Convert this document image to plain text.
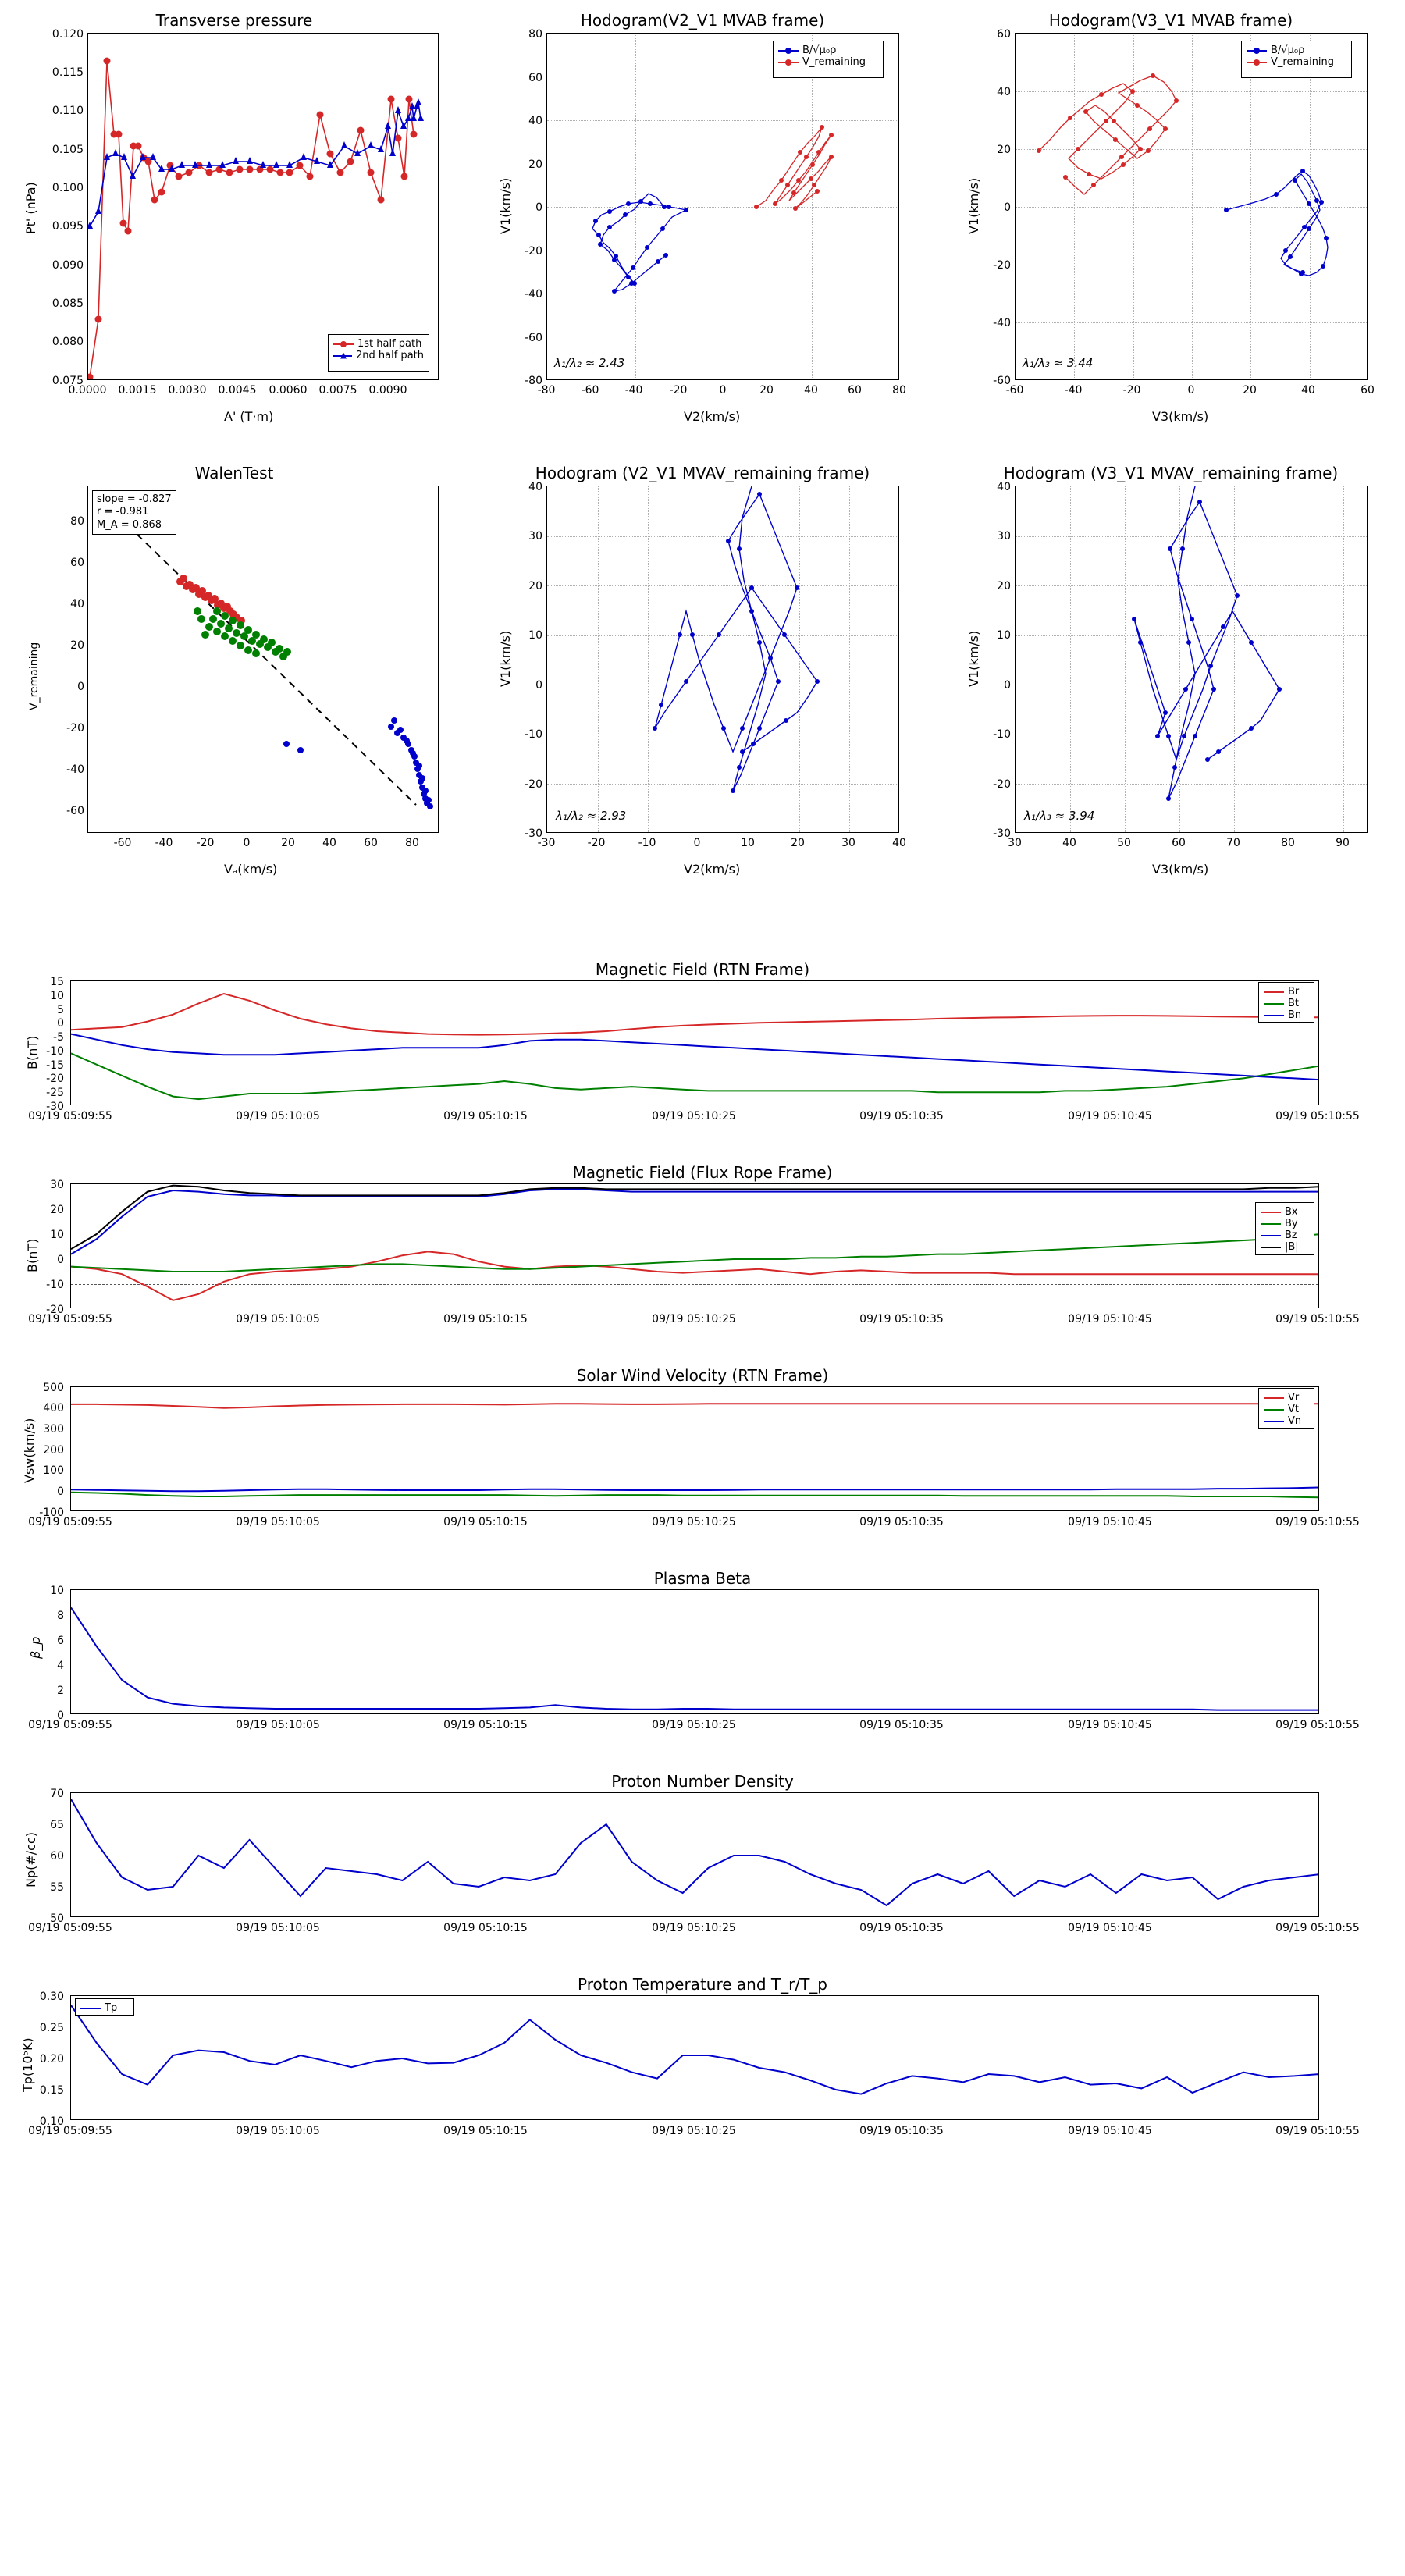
Transverse pressure
Pt' (nPa)
A' (T·m)
0.075
0.080
0.085
0.090
0.095
0.100
0.105
0.110
0.115
0.120
0.0000	0.0015	0.0030	0.0045	0.0060	0.0075	0.0090
1st half path
2nd half path
Hodogram(V2_V1 MVAB frame)
V1(km/s)
V2(km/s)
λ₁/λ₂ ≈ 2.43
-80
-60
-40
-20
0
20
40
60
80
-80	-60	-40	-20	0	20	40	60	80
B/√μ₀ρ
V_remaining
Hodogram(V3_V1 MVAB frame)
V1(km/s)
V3(km/s)
λ₁/λ₃ ≈ 3.44
-60
-40
-20
0
20
40
60
-60	-40	-20	0	20	40	60
B/√μ₀ρ
V_remaining
WalenTest
V_remaining
Vₐ(km/s)
slope = -0.827
r = -0.981
M_A = 0.868
-60
-40
-20
0
20
40
60
80
-60	-40	-20	0	20	40	60	80
Hodogram (V2_V1 MVAV_remaining frame)
V1(km/s)
V2(km/s)
λ₁/λ₂ ≈ 2.93
-30
-20
-10
0
10
20
30
40
-30	-20	-10	0	10	20	30	40
Hodogram (V3_V1 MVAV_remaining frame)
V1(km/s)
V3(km/s)
λ₁/λ₃ ≈ 3.94
-30
-20
-10
0
10
20
30
40
30	40	50	60	70	80	90
Magnetic Field (RTN Frame)
B(nT)
-30
-25
-20
-15
-10
-5
0
5
10
15
09/19 05:09:55	09/19 05:10:05	09/19 05:10:15	09/19 05:10:25	09/19 05:10:35	09/19 05:10:45	09/19 05:10:55
Br
Bt
Bn
Magnetic Field (Flux Rope Frame)
B(nT)
-20
-10
0
10
20
30
09/19 05:09:55	09/19 05:10:05	09/19 05:10:15	09/19 05:10:25	09/19 05:10:35	09/19 05:10:45	09/19 05:10:55
Bx
By
Bz
|B|
Solar Wind Velocity (RTN Frame)
Vsw(km/s)
-100
0
100
200
300
400
500
09/19 05:09:55	09/19 05:10:05	09/19 05:10:15	09/19 05:10:25	09/19 05:10:35	09/19 05:10:45	09/19 05:10:55
Vr
Vt
Vn
Plasma Beta
β_p
0
2
4
6
8
10
09/19 05:09:55	09/19 05:10:05	09/19 05:10:15	09/19 05:10:25	09/19 05:10:35	09/19 05:10:45	09/19 05:10:55
Proton Number Density
Np(#/cc)
50
55
60
65
70
09/19 05:09:55	09/19 05:10:05	09/19 05:10:15	09/19 05:10:25	09/19 05:10:35	09/19 05:10:45	09/19 05:10:55
Proton Temperature and T_r/T_p
Tp(10⁵K)
0.10
0.15
0.20
0.25
0.30
09/19 05:09:55	09/19 05:10:05	09/19 05:10:15	09/19 05:10:25	09/19 05:10:35	09/19 05:10:45	09/19 05:10:55
Tp
